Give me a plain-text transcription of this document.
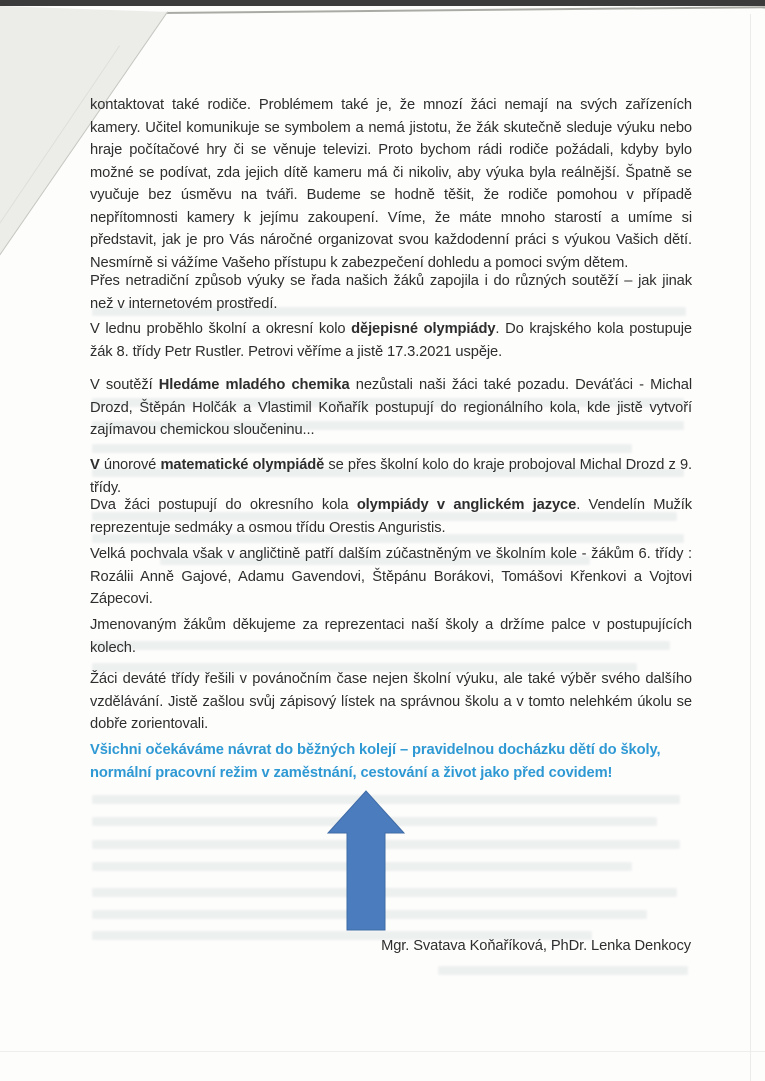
kontaktovat také rodiče. Problémem také je, že mnozí žáci nemají na svých zařízeních kamery. Učitel komunikuje se symbolem a nemá jistotu, že žák skutečně sleduje výuku nebo hraje počítačové hry či se věnuje televizi. Proto bychom rádi rodiče požádali, kdyby bylo možné se podívat, zda jejich dítě kameru má či nikoliv, aby výuka byla reálnější. Špatně se vyučuje bez úsměvu na tváři. Budeme se hodně těšit, že rodiče pomohou v případě nepřítomnosti kamery k jejímu zakoupení. Víme, že máte mnoho starostí a umíme si představit, jak je pro Vás náročné organizovat svou každodenní práci s výukou Vašich dětí. Nesmírně si vážíme Vašeho přístupu k zabezpečení dohledu a pomoci svým dětem.

Přes netradiční způsob výuky se řada našich žáků zapojila i do různých soutěží – jak jinak než v internetovém prostředí.

V lednu proběhlo školní a okresní kolo dějepisné olympiády. Do krajského kola postupuje žák 8. třídy Petr Rustler. Petrovi věříme a jistě 17.3.2021 uspěje.

V soutěží Hledáme mladého chemika nezůstali naši žáci také pozadu. Deváťáci - Michal Drozd, Štěpán Holčák a Vlastimil Koňařík postupují do regionálního kola, kde jistě vytvoří zajímavou chemickou sloučeninu...

V únorové matematické olympiádě se přes školní kolo do kraje probojoval Michal Drozd z 9. třídy.

Dva žáci postupují do okresního kola olympiády v anglickém jazyce. Vendelín Mužík reprezentuje sedmáky a osmou třídu Orestis Anguristis.

Velká pochvala však v angličtině patří dalším zúčastněným ve školním kole - žákům 6. třídy : Rozálii Anně Gajové, Adamu Gavendovi, Štěpánu Borákovi, Tomášovi Křenkovi a Vojtovi Zápecovi.

Jmenovaným žákům děkujeme za reprezentaci naší školy a držíme palce v postupujících kolech.

Žáci deváté třídy řešili v povánočním čase nejen školní výuku, ale také výběr svého dalšího vzdělávání. Jistě zašlou svůj zápisový lístek na správnou školu a v tomto nelehkém úkolu se dobře zorientovali.

Všichni očekáváme návrat do běžných kolejí – pravidelnou docházku dětí do školy, normální pracovní režim v zaměstnání, cestování a život jako před covidem!

Mgr. Svatava Koňaříková, PhDr. Lenka Denkocy
